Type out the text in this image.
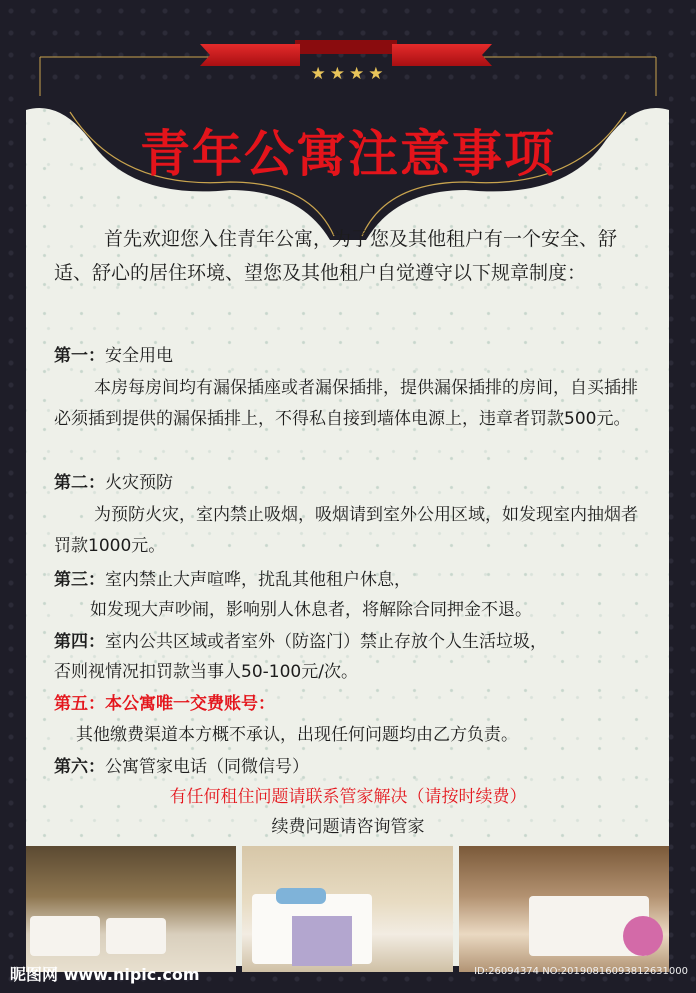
★★★★
青年公寓注意事项

首先欢迎您入住青年公寓，为了您及其他租户有一个安全、舒适、舒心的居住环境、望您及其他租户自觉遵守以下规章制度：

第一：安全用电

本房每房间均有漏保插座或者漏保插排，提供漏保插排的房间，自买插排必须插到提供的漏保插排上，不得私自接到墙体电源上，违章者罚款500元。

第二：火灾预防

为预防火灾，室内禁止吸烟，吸烟请到室外公用区域，如发现室内抽烟者罚款1000元。

第三：室内禁止大声喧哗，扰乱其他租户休息，

如发现大声吵闹，影响别人休息者，将解除合同押金不退。

第四：室内公共区域或者室外（防盗门）禁止存放个人生活垃圾，

否则视情况扣罚款当事人50-100元/次。

第五：本公寓唯一交费账号：

其他缴费渠道本方概不承认，出现任何问题均由乙方负责。

第六：公寓管家电话（同微信号）

有任何租住问题请联系管家解决（请按时续费）

续费问题请咨询管家

昵图网 www.nipic.com	ID:26094374 NO:20190816093812631000
